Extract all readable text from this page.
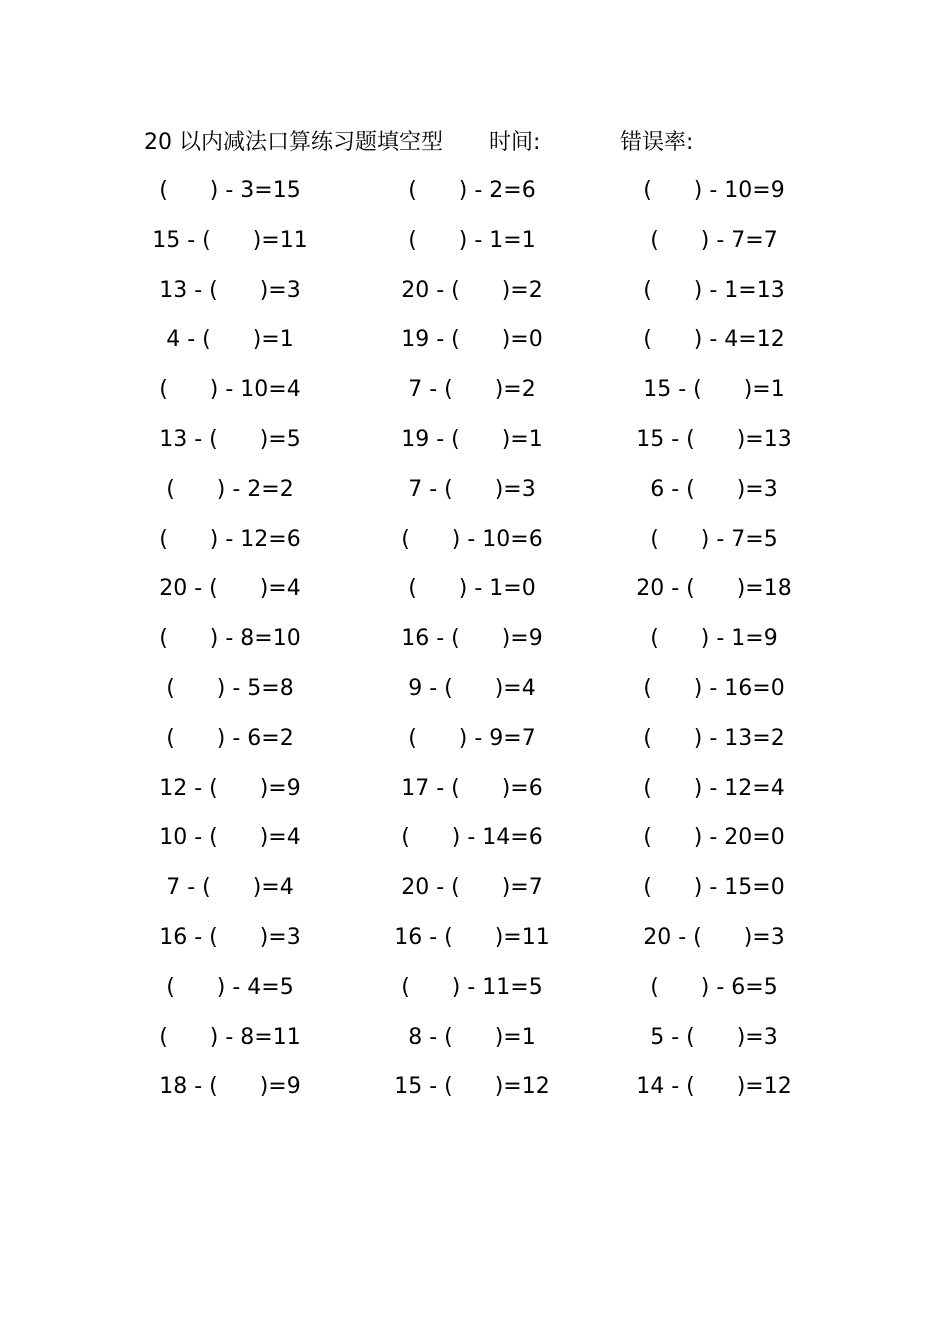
20 以内减法口算练习题填空型 时间:	错误率:
(      ) - 3=15	(      ) - 2=6	(      ) - 10=9
15 - (      )=11	(      ) - 1=1	(      ) - 7=7
13 - (      )=3	20 - (      )=2	(      ) - 1=13
4 - (      )=1	19 - (      )=0	(      ) - 4=12
(      ) - 10=4	7 - (      )=2	15 - (      )=1
13 - (      )=5	19 - (      )=1	15 - (      )=13
(      ) - 2=2	7 - (      )=3	6 - (      )=3
(      ) - 12=6	(      ) - 10=6	(      ) - 7=5
20 - (      )=4	(      ) - 1=0	20 - (      )=18
(      ) - 8=10	16 - (      )=9	(      ) - 1=9
(      ) - 5=8	9 - (      )=4	(      ) - 16=0
(      ) - 6=2	(      ) - 9=7	(      ) - 13=2
12 - (      )=9	17 - (      )=6	(      ) - 12=4
10 - (      )=4	(      ) - 14=6	(      ) - 20=0
7 - (      )=4	20 - (      )=7	(      ) - 15=0
16 - (      )=3	16 - (      )=11	20 - (      )=3
(      ) - 4=5	(      ) - 11=5	(      ) - 6=5
(      ) - 8=11	8 - (      )=1	5 - (      )=3
18 - (      )=9	15 - (      )=12	14 - (      )=12
